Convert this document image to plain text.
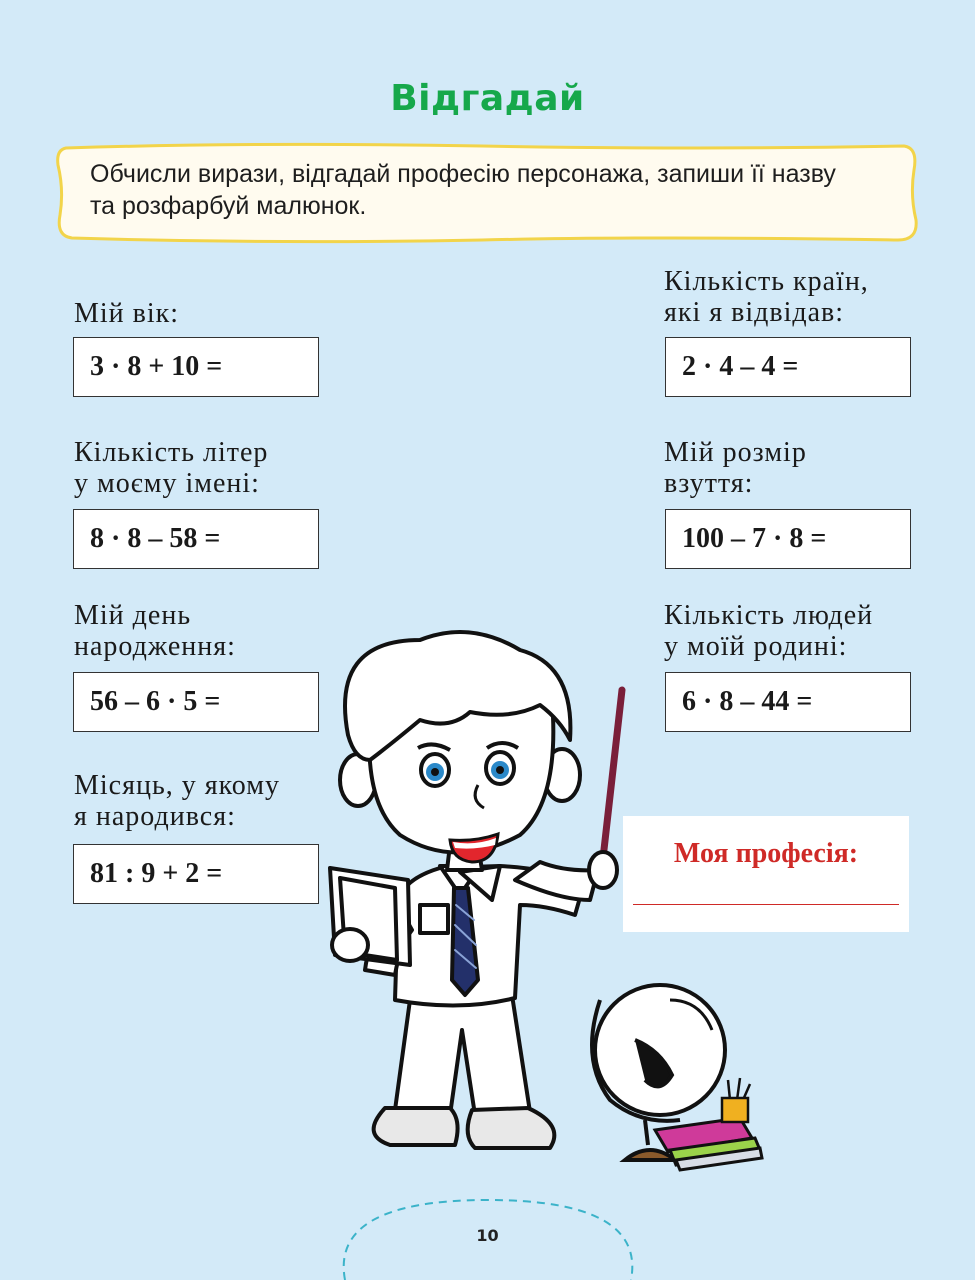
Відгадай
Обчисли вирази, відгадай професію персонажа, запиши її назву
та розфарбуй малюнок.
Мій вік:
3 · 8 + 10 =
Кількість літер
у моєму імені:
8 · 8 – 58 =
Мій день
народження:
56 – 6 · 5 =
Місяць, у якому
я народився:
81 : 9 + 2 =
Кількість країн,
які я відвідав:
2 · 4 – 4 =
Мій розмір
взуття:
100 – 7 · 8 =
Кількість людей
у моїй родині:
6 · 8 – 44 =
Моя професія:
10
